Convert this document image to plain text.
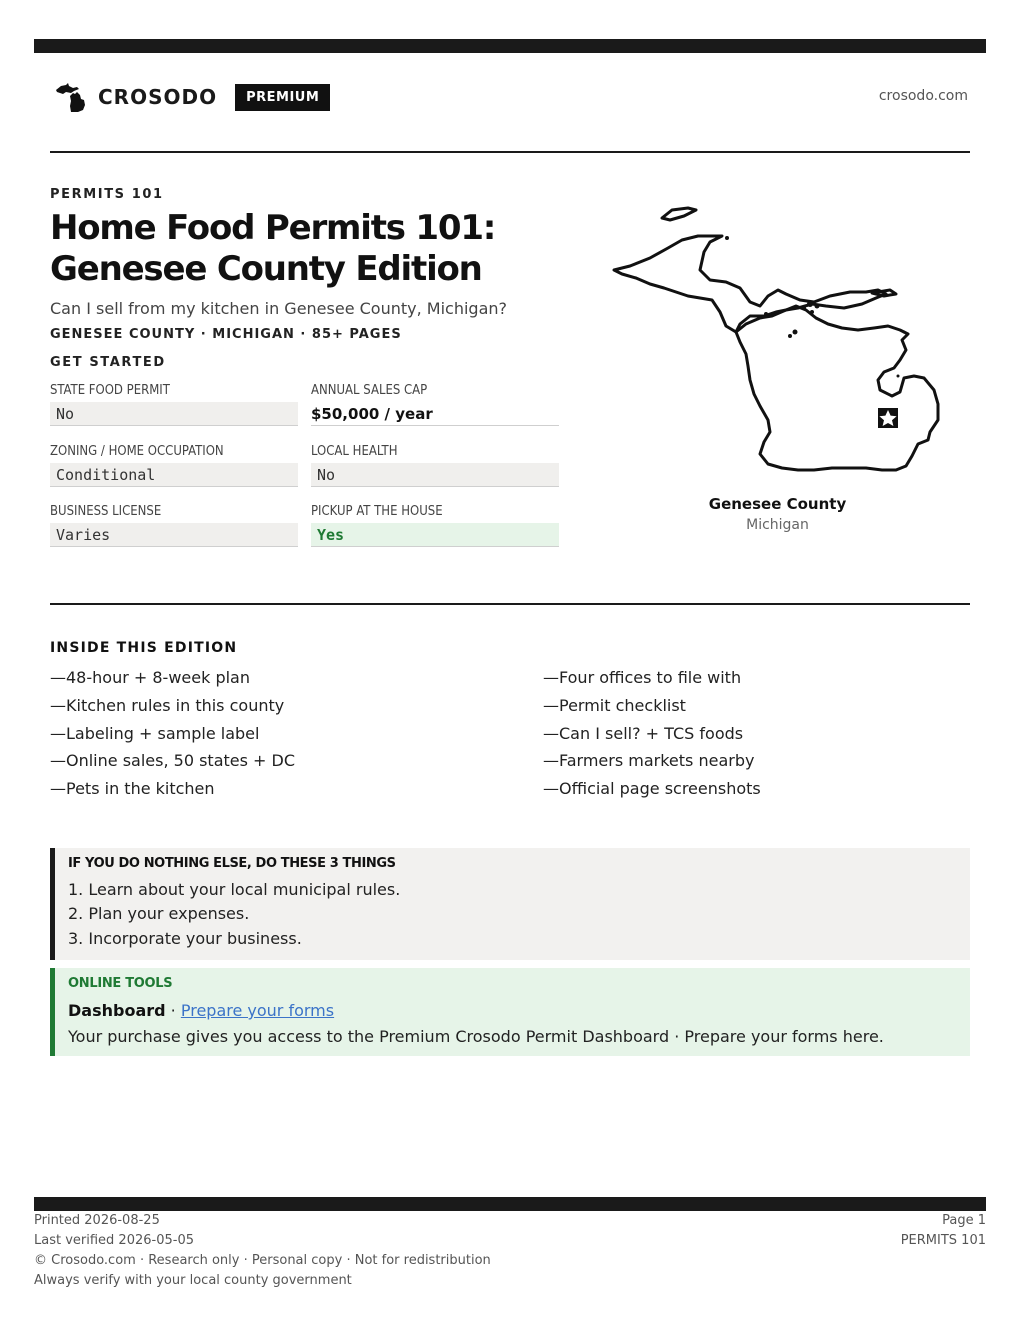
CROSODO	PREMIUM	crosodo.com
PERMITS 101
Home Food Permits 101:
Genesee County Edition
Can I sell from my kitchen in Genesee County, Michigan?
GENESEE COUNTY · MICHIGAN · 85+ PAGES
GET STARTED
STATE FOOD PERMIT
No
ANNUAL SALES CAP
$50,000 / year
ZONING / HOME OCCUPATION
Conditional
LOCAL HEALTH
No
BUSINESS LICENSE
Varies
PICKUP AT THE HOUSE
Yes
Genesee County
Michigan
INSIDE THIS EDITION
—48-hour + 8-week plan
—Kitchen rules in this county
—Labeling + sample label
—Online sales, 50 states + DC
—Pets in the kitchen
—Four offices to file with
—Permit checklist
—Can I sell? + TCS foods
—Farmers markets nearby
—Official page screenshots
IF YOU DO NOTHING ELSE, DO THESE 3 THINGS
1. Learn about your local municipal rules.
2. Plan your expenses.
3. Incorporate your business.
ONLINE TOOLS
Dashboard · Prepare your forms
Your purchase gives you access to the Premium Crosodo Permit Dashboard · Prepare your forms here.
Printed 2026-08-25
Last verified 2026-05-05
© Crosodo.com · Research only · Personal copy · Not for redistribution
Always verify with your local county government
Page 1
PERMITS 101
